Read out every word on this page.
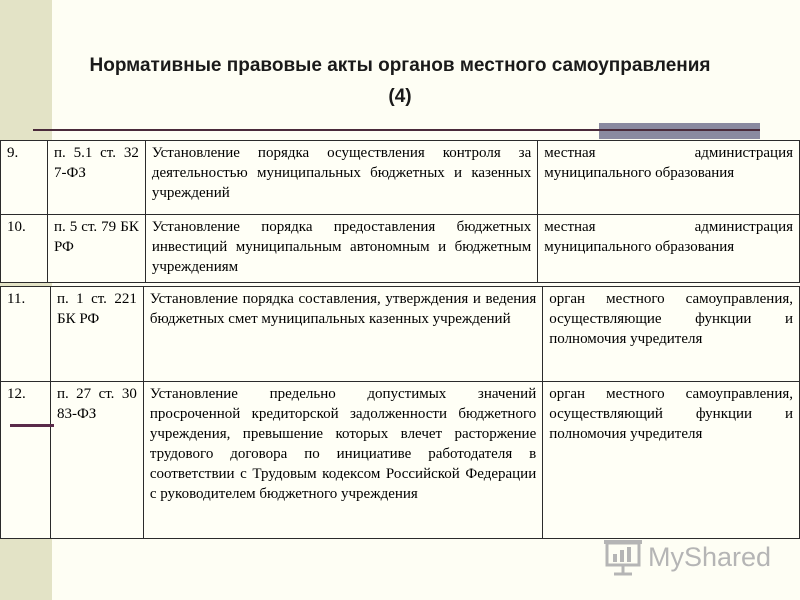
Нормативные правовые акты органов местного самоуправления
(4)
9.	п. 5.1 ст. 32 7-ФЗ	Установление порядка осуществления контроля за деятельностью муниципальных бюджетных и казенных учреждений	местная администрация муниципального образования
10.	п. 5 ст. 79 БК РФ	Установление порядка предоставления бюджетных инвестиций муниципальным автономным и бюджетным учреждениям	местная администрация муниципального образования
11.	п. 1 ст. 221 БК РФ	Установление порядка составления, утверждения и ведения бюджетных смет муниципальных казенных учреждений	орган местного самоуправления, осуществляющие функции и полномочия учредителя
12.	п. 27 ст. 30 83-ФЗ	Установление предельно допустимых значений просроченной кредиторской задолженности бюджетного учреждения, превышение которых влечет расторжение трудового договора по инициативе работодателя в соответствии с Трудовым кодексом Российской Федерации с руководителем бюджетного учреждения	орган местного самоуправления, осуществляющий функции и полномочия учредителя
MyShared
